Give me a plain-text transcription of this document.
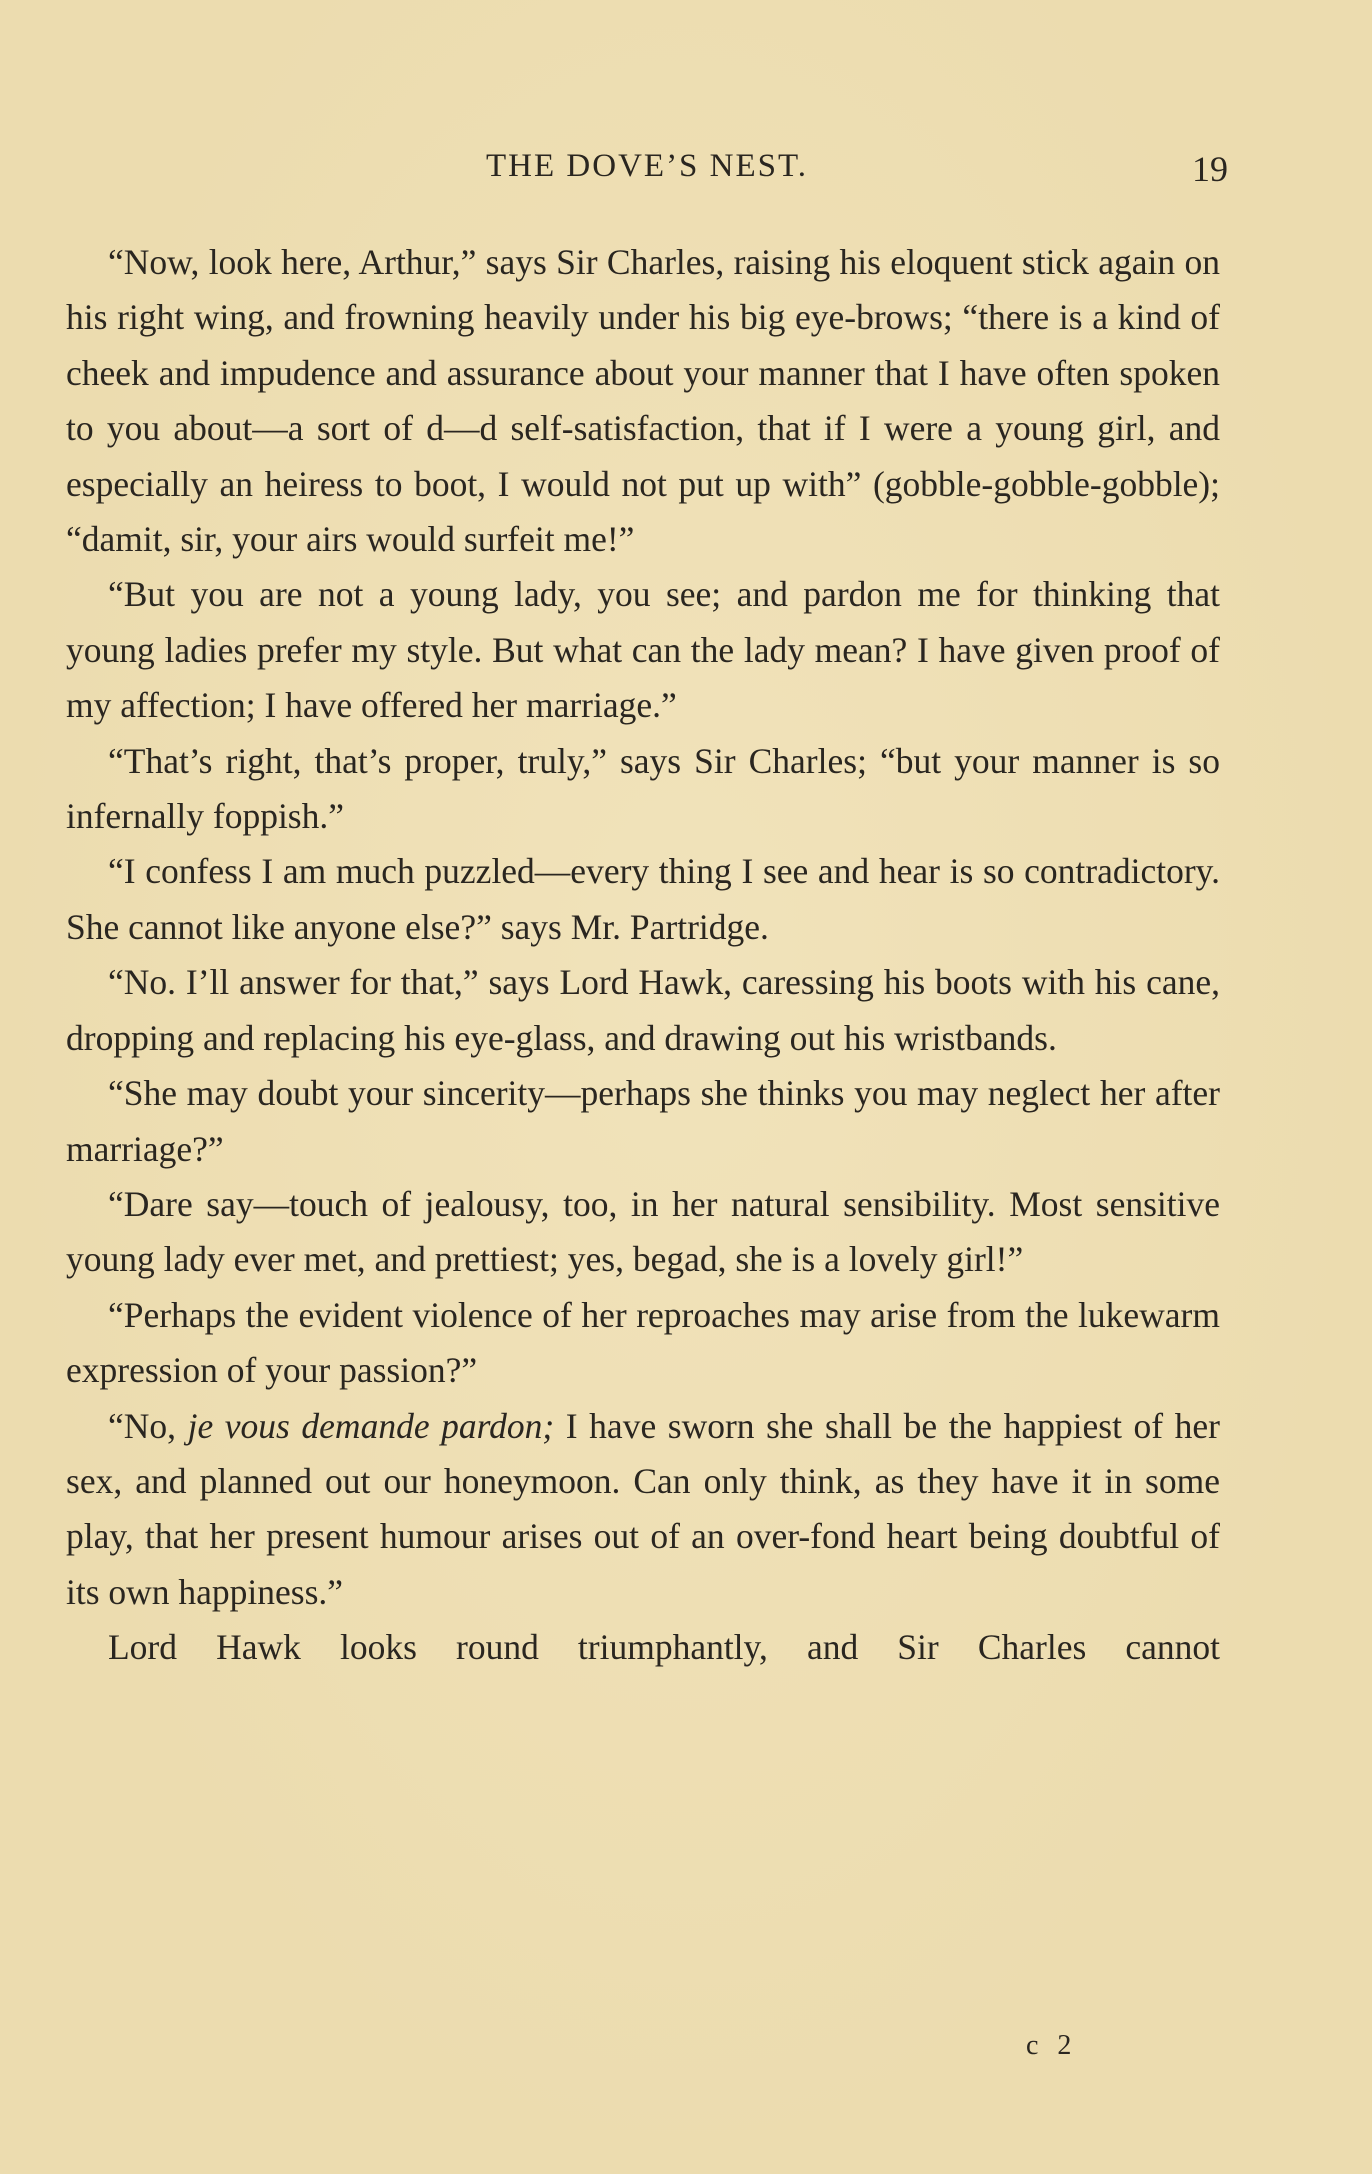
THE DOVE’S NEST.	19

“Now, look here, Arthur,” says Sir Charles, raising his eloquent stick again on his right wing, and frowning heavily under his big eye-brows; “there is a kind of cheek and impudence and assurance about your manner that I have often spoken to you about—a sort of d—d self-satisfaction, that if I were a young girl, and especially an heiress to boot, I would not put up with” (gobble-gobble-gobble); “damit, sir, your airs would surfeit me!”

“But you are not a young lady, you see; and pardon me for thinking that young ladies prefer my style. But what can the lady mean? I have given proof of my affection; I have offered her marriage.”

“That’s right, that’s proper, truly,” says Sir Charles; “but your manner is so infernally foppish.”

“I confess I am much puzzled—every thing I see and hear is so contradictory. She cannot like anyone else?” says Mr. Partridge.

“No. I’ll answer for that,” says Lord Hawk, caressing his boots with his cane, dropping and replacing his eye-glass, and drawing out his wristbands.

“She may doubt your sincerity—perhaps she thinks you may neglect her after marriage?”

“Dare say—touch of jealousy, too, in her natural sensibility. Most sensitive young lady ever met, and prettiest; yes, begad, she is a lovely girl!”

“Perhaps the evident violence of her reproaches may arise from the lukewarm expression of your passion?”

“No, je vous demande pardon; I have sworn she shall be the happiest of her sex, and planned out our honeymoon. Can only think, as they have it in some play, that her present humour arises out of an over-fond heart being doubtful of its own happiness.”

Lord Hawk looks round triumphantly, and Sir Charles cannot

c 2
